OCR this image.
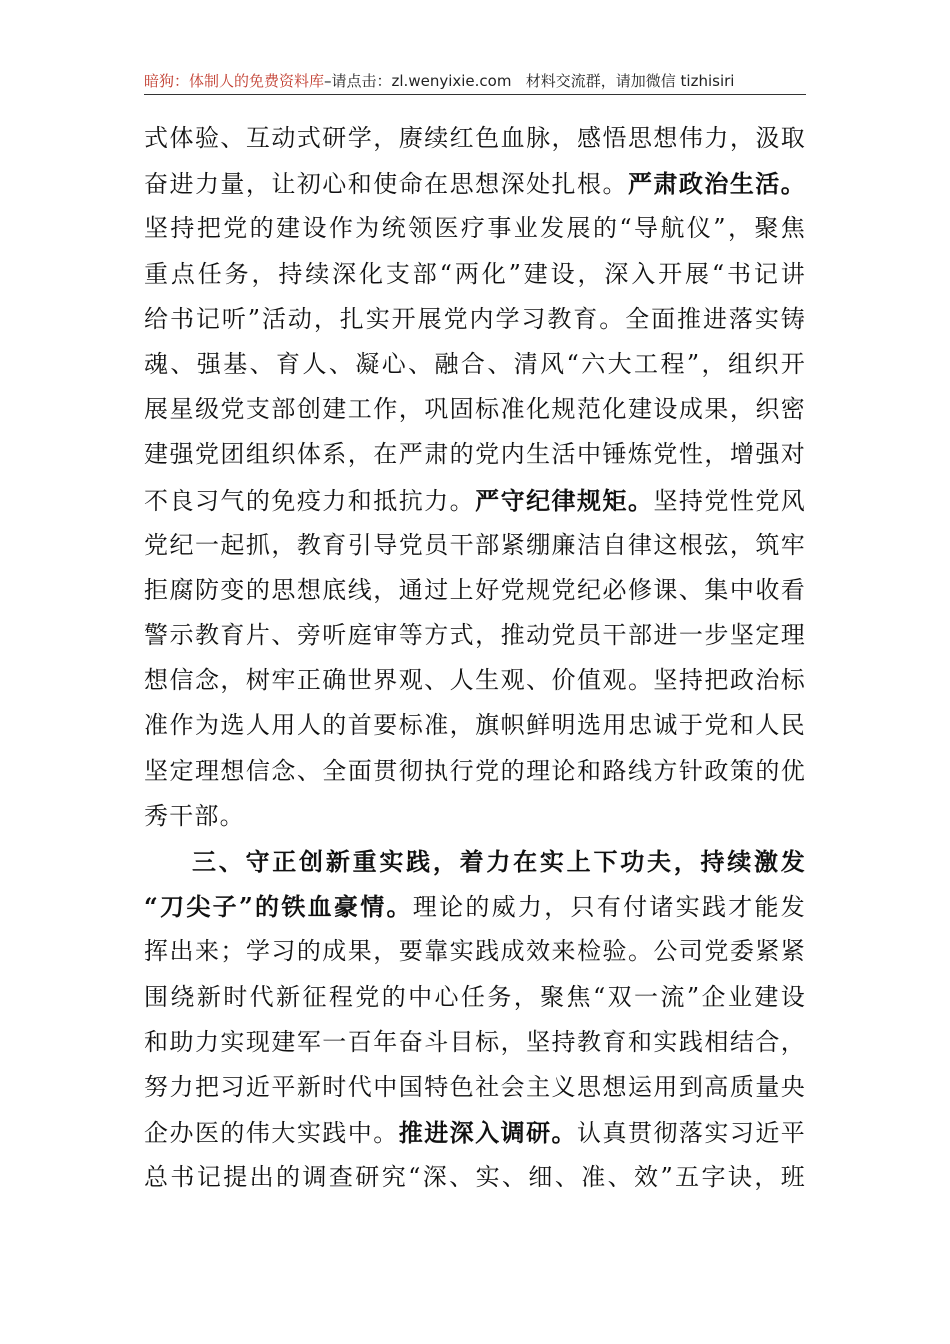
暗狗：体制人的免费资料库–请点击：zl.wenyixie.com 材料交流群，请加微信 tizhisiri
式体验、互动式研学，赓续红色血脉，感悟思想伟力，汲取
奋进力量，让初心和使命在思想深处扎根。严肃政治生活。
坚持把党的建设作为统领医疗事业发展的“导航仪”，聚焦
重点任务，持续深化支部“两化”建设，深入开展“书记讲
给书记听”活动，扎实开展党内学习教育。全面推进落实铸
魂、强基、育人、凝心、融合、清风“六大工程”，组织开
展星级党支部创建工作，巩固标准化规范化建设成果，织密
建强党团组织体系，在严肃的党内生活中锤炼党性，增强对
不良习气的免疫力和抵抗力。严守纪律规矩。坚持党性党风
党纪一起抓，教育引导党员干部紧绷廉洁自律这根弦，筑牢
拒腐防变的思想底线，通过上好党规党纪必修课、集中收看
警示教育片、旁听庭审等方式，推动党员干部进一步坚定理
想信念，树牢正确世界观、人生观、价值观。坚持把政治标
准作为选人用人的首要标准，旗帜鲜明选用忠诚于党和人民
坚定理想信念、全面贯彻执行党的理论和路线方针政策的优
秀干部。
三、守正创新重实践，着力在实上下功夫，持续激发
“刀尖子”的铁血豪情。理论的威力，只有付诸实践才能发
挥出来；学习的成果，要靠实践成效来检验。公司党委紧紧
围绕新时代新征程党的中心任务，聚焦“双一流”企业建设
和助力实现建军一百年奋斗目标，坚持教育和实践相结合，
努力把习近平新时代中国特色社会主义思想运用到高质量央
企办医的伟大实践中。推进深入调研。认真贯彻落实习近平
总书记提出的调查研究“深、实、细、准、效”五字诀，班
